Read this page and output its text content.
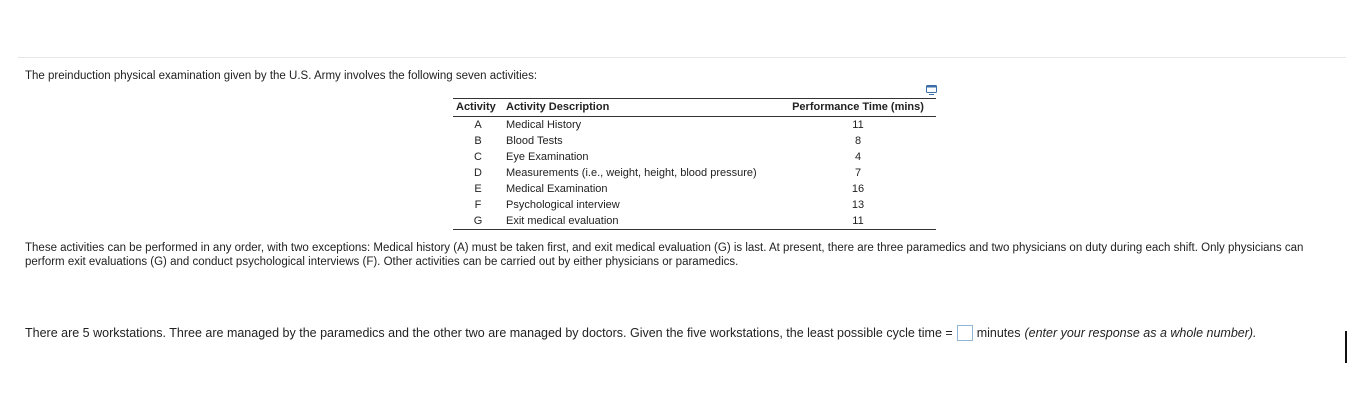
The preinduction physical examination given by the U.S. Army involves the following seven activities:
Activity	Activity Description	Performance Time (mins)
A	Medical History	11
B	Blood Tests	8
C	Eye Examination	4
D	Measurements (i.e., weight, height, blood pressure)	7
E	Medical Examination	16
F	Psychological interview	13
G	Exit medical evaluation	11
These activities can be performed in any order, with two exceptions: Medical history (A) must be taken first, and exit medical evaluation (G) is last. At present, there are three paramedics and two physicians on duty during each shift. Only physicians can perform exit evaluations (G) and conduct psychological interviews (F). Other activities can be carried out by either physicians or paramedics.
There are 5 workstations. Three are managed by the paramedics and the other two are managed by doctors. Given the five workstations, the least possible cycle time = minutes (enter your response as a whole number).
